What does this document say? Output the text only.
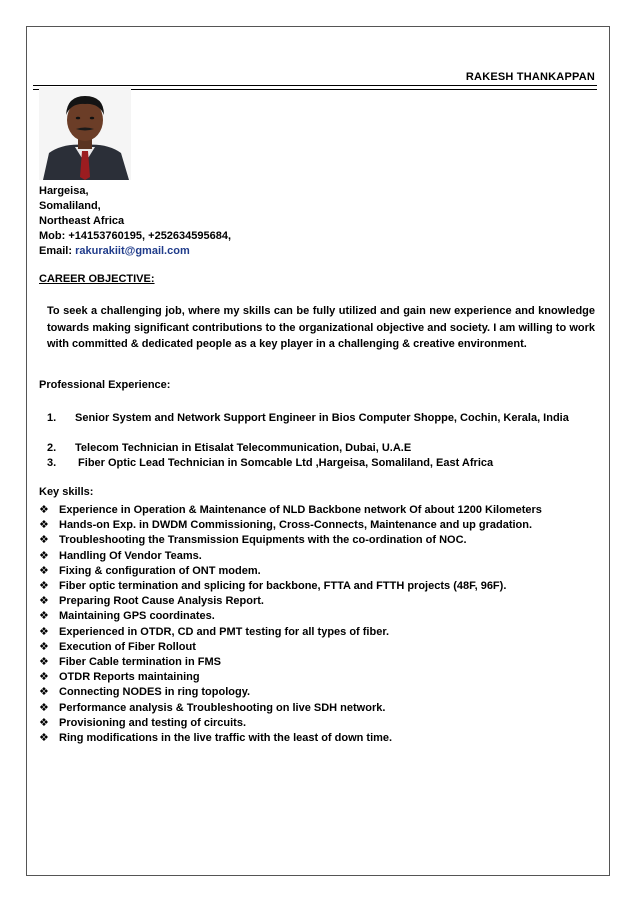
RAKESH THANKAPPAN
Hargeisa,
Somaliland,
Northeast Africa
Mob: +14153760195, +252634595684,
Email: rakurakiit@gmail.com
CAREER OBJECTIVE:
To seek a challenging job, where my skills can be fully utilized and gain new experience and knowledge towards making significant contributions to the organizational objective and society. I am willing to work with committed & dedicated people as a key player in a challenging & creative environment.
Professional Experience:
1. Senior System and Network Support Engineer in Bios Computer Shoppe, Cochin, Kerala, India
2. Telecom Technician in Etisalat Telecommunication, Dubai, U.A.E
3. Fiber Optic Lead Technician in Somcable Ltd ,Hargeisa, Somaliland, East Africa
Key skills:
❖ Experience in Operation & Maintenance of NLD Backbone network Of about 1200 Kilometers
❖ Hands-on Exp. in DWDM Commissioning, Cross-Connects, Maintenance and up gradation.
❖ Troubleshooting the Transmission Equipments with the co-ordination of NOC.
❖ Handling Of Vendor Teams.
❖ Fixing & configuration of ONT modem.
❖ Fiber optic termination and splicing for backbone, FTTA and FTTH projects (48F, 96F).
❖ Preparing Root Cause Analysis Report.
❖ Maintaining GPS coordinates.
❖ Experienced in OTDR, CD and PMT testing for all types of fiber.
❖ Execution of Fiber Rollout
❖ Fiber Cable termination in FMS
❖ OTDR Reports maintaining
❖ Connecting NODES in ring topology.
❖ Performance analysis & Troubleshooting on live SDH network.
❖ Provisioning and testing of circuits.
❖ Ring modifications in the live traffic with the least of down time.
